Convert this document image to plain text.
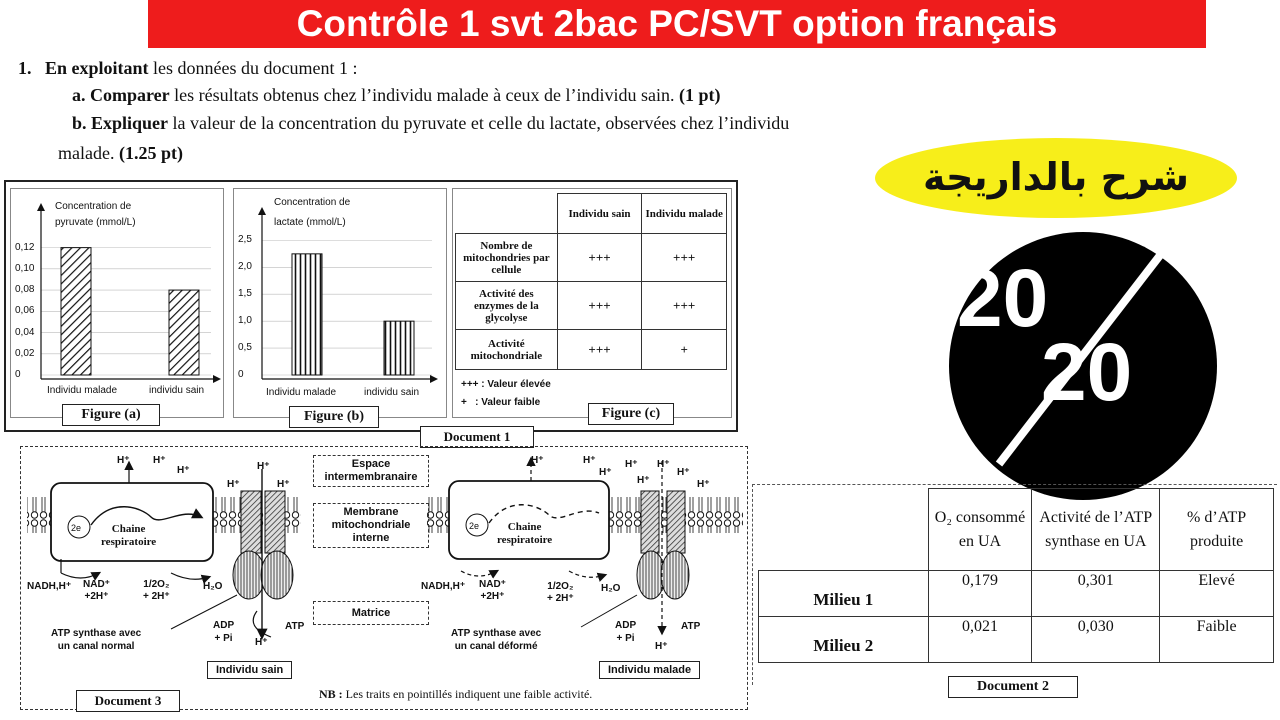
Contrôle 1 svt 2bac PC/SVT option français
1. En exploitant les données du document 1 :
a. Comparer les résultats obtenus chez l’individu malade à ceux de l’individu sain. (1 pt)
b. Expliquer la valeur de la concentration du pyruvate et celle du lactate, observées chez l’individu
malade. (1.25 pt)
شرح بالداريجة
20
20
Concentration de
pyruvate (mmol/L)
0,12
0,10
0,08
0,06
0,04
0,02
0
Individu malade	individu sain
Figure (a)
Concentration de
lactate (mmol/L)
2,5
2,0
1,5
1,0
0,5
0
Individu malade	individu sain
Figure (b)
	Individu sain	Individu malade
Nombre de mitochondries par cellule	+++	+++
Activité des enzymes de la glycolyse	+++	+++
Activité mitochondriale	+++	+
+++ : Valeur élevée
+   : Valeur faible
Figure (c)
Document 1
H⁺ H⁺
H⁺	H⁺
H⁺	H⁺
H⁺
2e	Chaine
respiratoire
NADH,H⁺ NAD⁺
+2H⁺
1/2O₂
+ 2H⁺
H₂O
ATP synthase avec
un canal normal
ADP
+ Pi
ATP
Individu sain
Espace
intermembranaire
Membrane
mitochondriale
interne
Matrice
H⁺	H⁺
H⁺
H⁺ H⁺
H⁺
H⁺
H⁺
H⁺
2e	Chaine
respiratoire
NADH,H⁺ NAD⁺
+2H⁺
1/2O₂
+ 2H⁺
H₂O
ATP synthase avec
un canal déformé
ADP
+ Pi
ATP
Individu malade
NB : Les traits en pointillés indiquent une faible activité.
Document 3
	O₂ consommé en UA	Activité de l’ATP synthase en UA	% d’ATP produite
Milieu 1	0,179	0,301	Elevé
Milieu 2	0,021	0,030	Faible
Document 2
